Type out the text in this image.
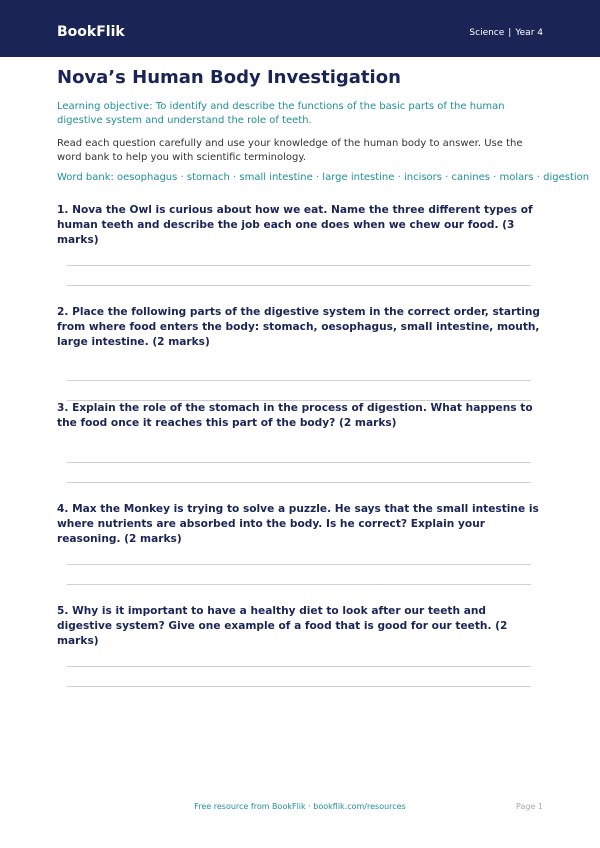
BookFlik	Science | Year 4
Nova’s Human Body Investigation
Learning objective: To identify and describe the functions of the basic parts of the human digestive system and understand the role of teeth.
Read each question carefully and use your knowledge of the human body to answer. Use the word bank to help you with scientific terminology.
Word bank: oesophagus · stomach · small intestine · large intestine · incisors · canines · molars · digestion
1. Nova the Owl is curious about how we eat. Name the three different types of human teeth and describe the job each one does when we chew our food. (3 marks)
2. Place the following parts of the digestive system in the correct order, starting from where food enters the body: stomach, oesophagus, small intestine, mouth, large intestine. (2 marks)
3. Explain the role of the stomach in the process of digestion. What happens to the food once it reaches this part of the body? (2 marks)
4. Max the Monkey is trying to solve a puzzle. He says that the small intestine is where nutrients are absorbed into the body. Is he correct? Explain your reasoning. (2 marks)
5. Why is it important to have a healthy diet to look after our teeth and digestive system? Give one example of a food that is good for our teeth. (2 marks)
Free resource from BookFlik · bookflik.com/resources	Page 1
